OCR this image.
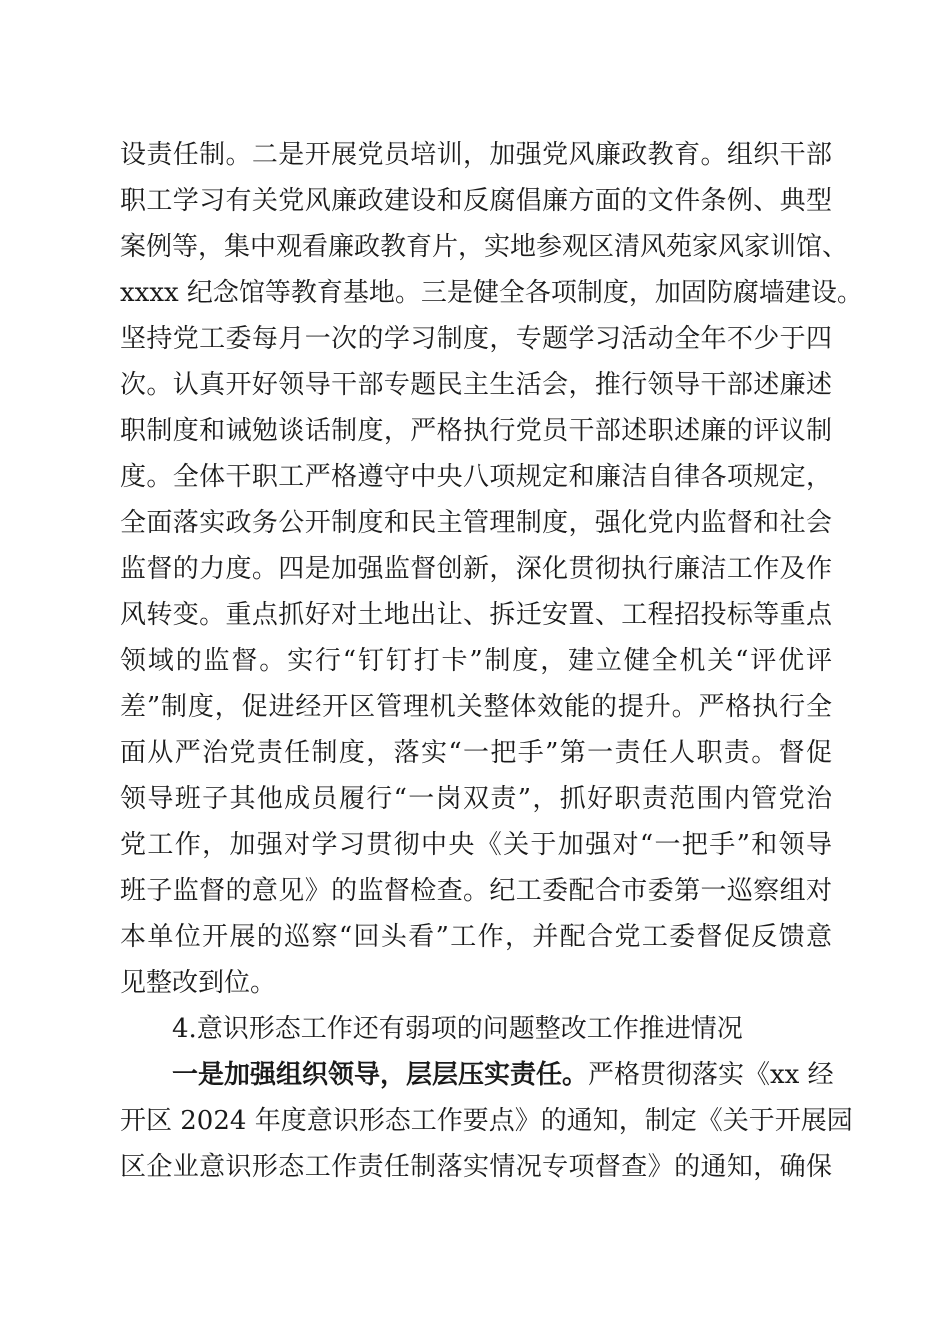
设责任制。二是开展党员培训，加强党风廉政教育。组织干部
职工学习有关党风廉政建设和反腐倡廉方面的文件条例、典型
案例等，集中观看廉政教育片，实地参观区清风苑家风家训馆、
xxxx 纪念馆等教育基地。三是健全各项制度，加固防腐墙建设。
坚持党工委每月一次的学习制度，专题学习活动全年不少于四
次。认真开好领导干部专题民主生活会，推行领导干部述廉述
职制度和诫勉谈话制度，严格执行党员干部述职述廉的评议制
度。全体干职工严格遵守中央八项规定和廉洁自律各项规定，
全面落实政务公开制度和民主管理制度，强化党内监督和社会
监督的力度。四是加强监督创新，深化贯彻执行廉洁工作及作
风转变。重点抓好对土地出让、拆迁安置、工程招投标等重点
领域的监督。实行“钉钉打卡”制度，建立健全机关“评优评
差”制度，促进经开区管理机关整体效能的提升。严格执行全
面从严治党责任制度，落实“一把手”第一责任人职责。督促
领导班子其他成员履行“一岗双责”，抓好职责范围内管党治
党工作，加强对学习贯彻中央《关于加强对“一把手”和领导
班子监督的意见》的监督检查。纪工委配合市委第一巡察组对
本单位开展的巡察“回头看”工作，并配合党工委督促反馈意
见整改到位。
4.意识形态工作还有弱项的问题整改工作推进情况
一是加强组织领导，层层压实责任。严格贯彻落实《xx 经
开区 2024 年度意识形态工作要点》的通知，制定《关于开展园
区企业意识形态工作责任制落实情况专项督查》的通知，确保
